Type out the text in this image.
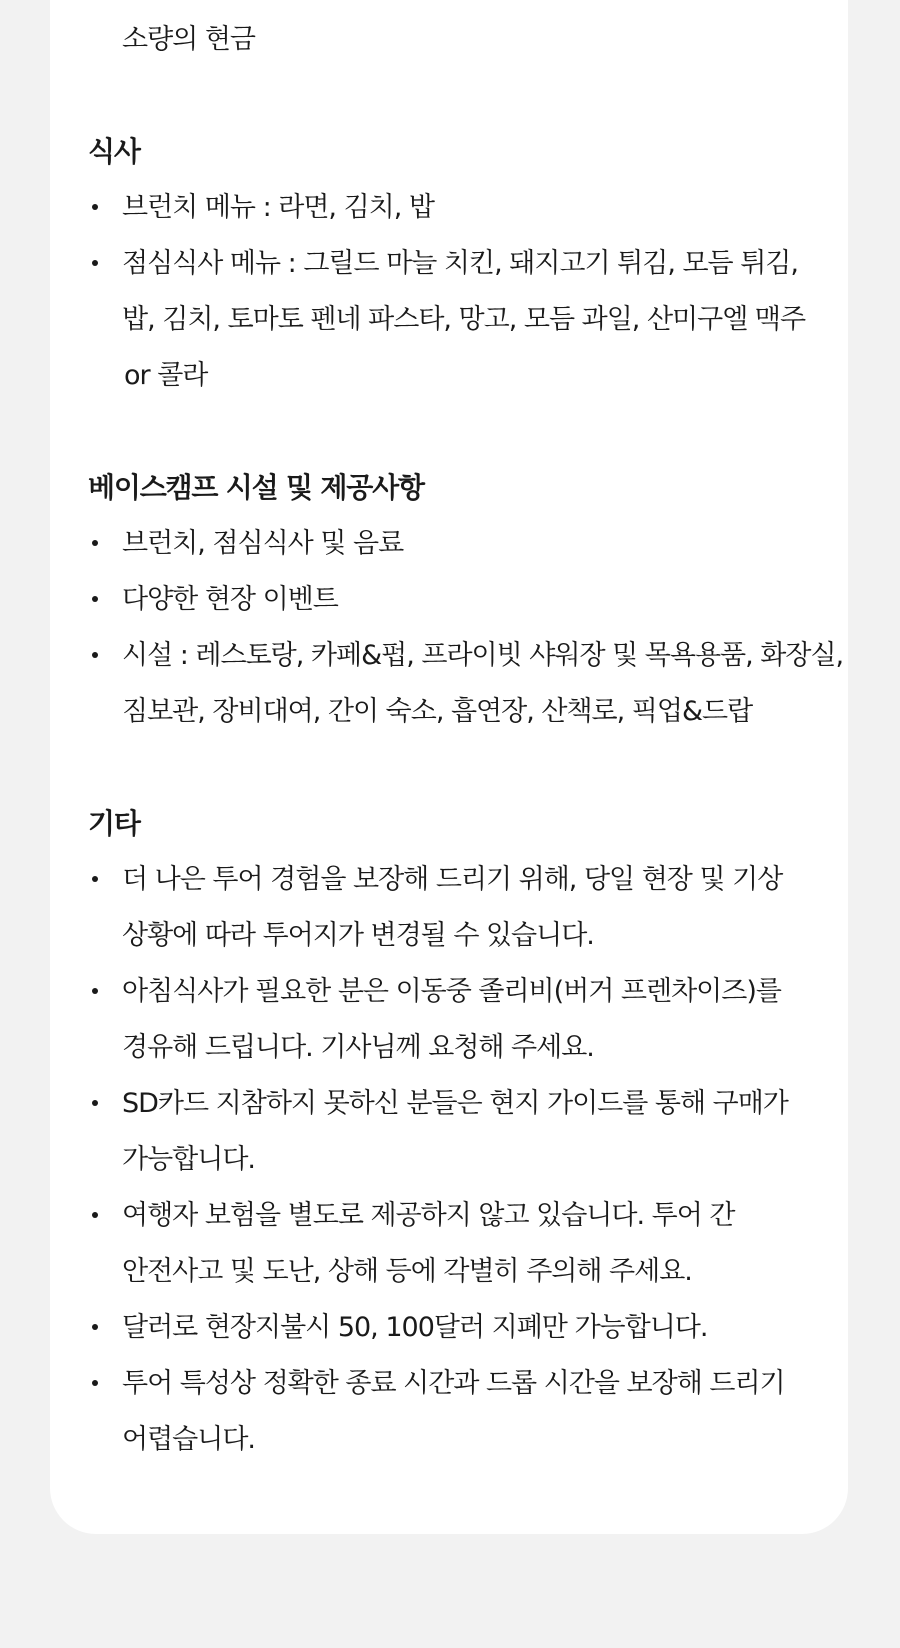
소량의 현금
식사
브런치 메뉴 : 라면, 김치, 밥
점심식사 메뉴 : 그릴드 마늘 치킨, 돼지고기 튀김, 모듬 튀김,
밥, 김치, 토마토 펜네 파스타, 망고, 모듬 과일, 산미구엘 맥주
or 콜라
베이스캠프 시설 및 제공사항
브런치, 점심식사 및 음료
다양한 현장 이벤트
시설 : 레스토랑, 카페&펍, 프라이빗 샤워장 및 목욕용품, 화장실,
짐보관, 장비대여, 간이 숙소, 흡연장, 산책로, 픽업&드랍
기타
더 나은 투어 경험을 보장해 드리기 위해, 당일 현장 및 기상
상황에 따라 투어지가 변경될 수 있습니다.
아침식사가 필요한 분은 이동중 졸리비(버거 프렌차이즈)를
경유해 드립니다. 기사님께 요청해 주세요.
SD카드 지참하지 못하신 분들은 현지 가이드를 통해 구매가
가능합니다.
여행자 보험을 별도로 제공하지 않고 있습니다. 투어 간
안전사고 및 도난, 상해 등에 각별히 주의해 주세요.
달러로 현장지불시 50, 100달러 지폐만 가능합니다.
투어 특성상 정확한 종료 시간과 드롭 시간을 보장해 드리기
어렵습니다.
